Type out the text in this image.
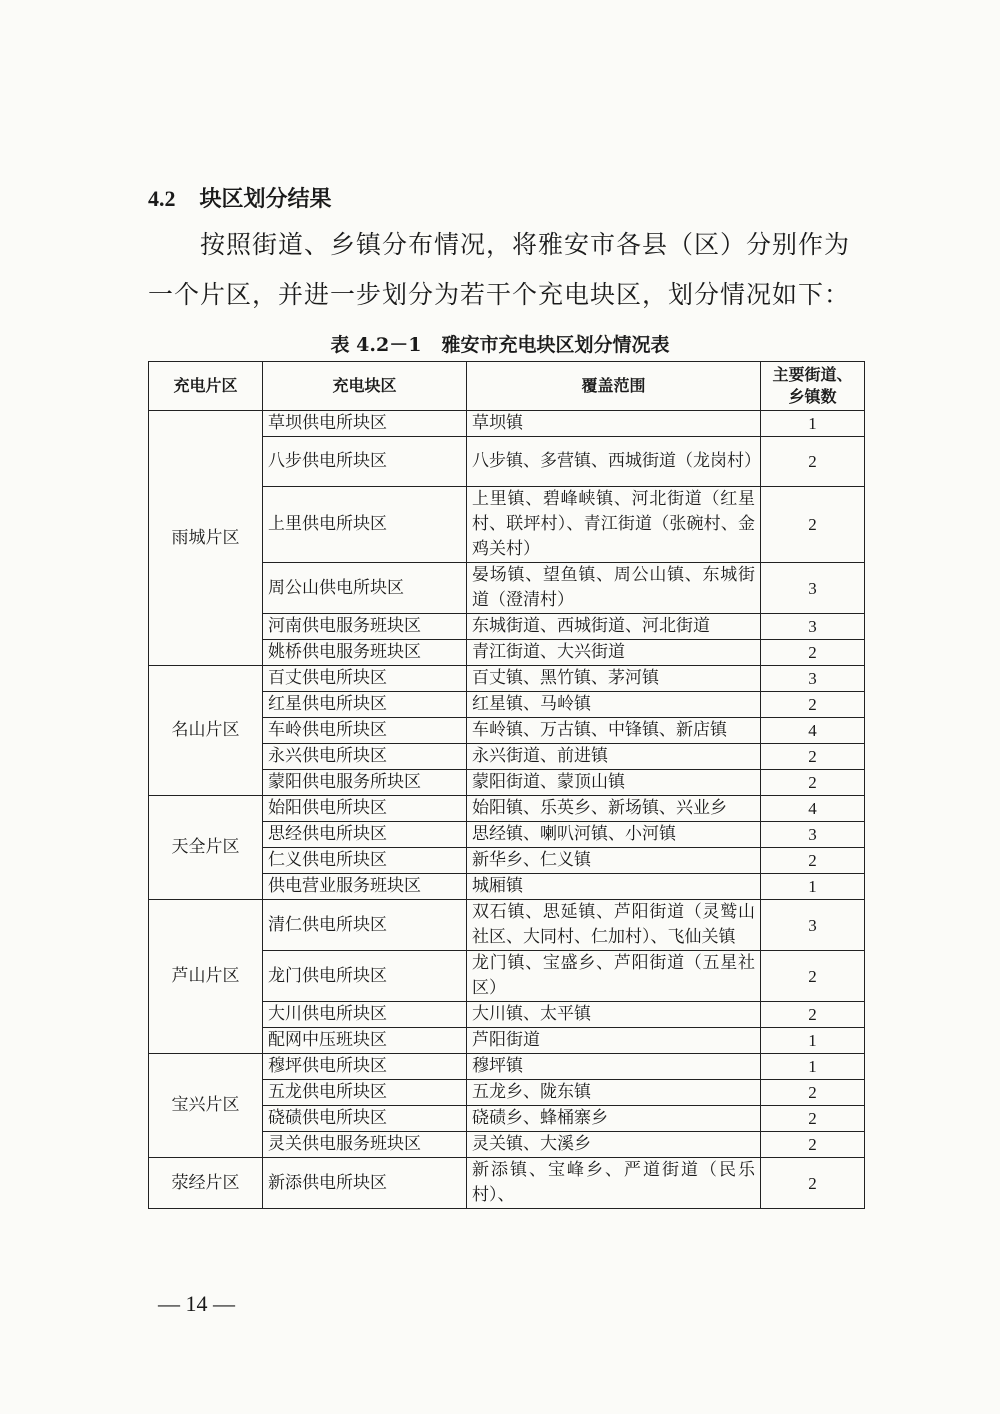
4.2 块区划分结果
按照街道、乡镇分布情况，将雅安市各县（区）分别作为一个片区，并进一步划分为若干个充电块区，划分情况如下：
表 4.2－1 雅安市充电块区划分情况表
充电片区	充电块区	覆盖范围	主要街道、乡镇数
雨城片区	草坝供电所块区	草坝镇	1
	八步供电所块区	八步镇、多营镇、西城街道（龙岗村）	2
	上里供电所块区	上里镇、碧峰峡镇、河北街道（红星村、联坪村）、青江街道（张碗村、金鸡关村）	2
	周公山供电所块区	晏场镇、望鱼镇、周公山镇、东城街道（澄清村）	3
	河南供电服务班块区	东城街道、西城街道、河北街道	3
	姚桥供电服务班块区	青江街道、大兴街道	2
名山片区	百丈供电所块区	百丈镇、黑竹镇、茅河镇	3
	红星供电所块区	红星镇、马岭镇	2
	车岭供电所块区	车岭镇、万古镇、中锋镇、新店镇	4
	永兴供电所块区	永兴街道、前进镇	2
	蒙阳供电服务所块区	蒙阳街道、蒙顶山镇	2
天全片区	始阳供电所块区	始阳镇、乐英乡、新场镇、兴业乡	4
	思经供电所块区	思经镇、喇叭河镇、小河镇	3
	仁义供电所块区	新华乡、仁义镇	2
	供电营业服务班块区	城厢镇	1
芦山片区	清仁供电所块区	双石镇、思延镇、芦阳街道（灵鹫山社区、大同村、仁加村）、飞仙关镇	3
	龙门供电所块区	龙门镇、宝盛乡、芦阳街道（五星社区）	2
	大川供电所块区	大川镇、太平镇	2
	配网中压班块区	芦阳街道	1
宝兴片区	穆坪供电所块区	穆坪镇	1
	五龙供电所块区	五龙乡、陇东镇	2
	硗碛供电所块区	硗碛乡、蜂桶寨乡	2
	灵关供电服务班块区	灵关镇、大溪乡	2
荥经片区	新添供电所块区	新添镇、宝峰乡、严道街道（民乐村）、	2
— 14 —
